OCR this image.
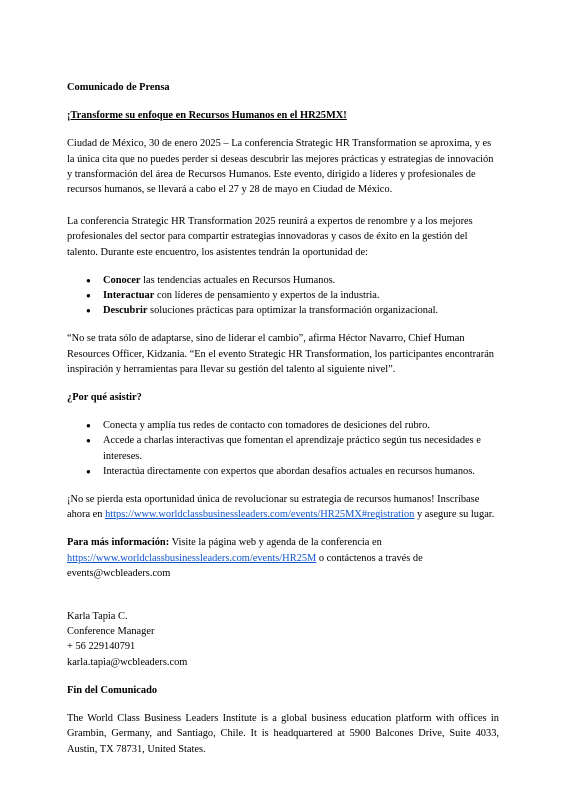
Comunicado de Prensa

¡Transforme su enfoque en Recursos Humanos en el HR25MX!

Ciudad de México, 30 de enero 2025 – La conferencia Strategic HR Transformation se aproxima, y es la única cita que no puedes perder si deseas descubrir las mejores prácticas y estrategias de innovación y transformación del área de Recursos Humanos. Este evento, dirigido a líderes y profesionales de recursos humanos, se llevará a cabo el 27 y 28 de mayo en Ciudad de México.

La conferencia Strategic HR Transformation 2025 reunirá a expertos de renombre y a los mejores profesionales del sector para compartir estrategias innovadoras y casos de éxito en la gestión del talento. Durante este encuentro, los asistentes tendrán la oportunidad de:

● Conocer las tendencias actuales en Recursos Humanos.
● Interactuar con líderes de pensamiento y expertos de la industria.
● Descubrir soluciones prácticas para optimizar la transformación organizacional.

“No se trata sólo de adaptarse, sino de liderar el cambio”, afirma Héctor Navarro, Chief Human Resources Officer, Kidzania. “En el evento Strategic HR Transformation, los participantes encontrarán inspiración y herramientas para llevar su gestión del talento al siguiente nivel”.

¿Por qué asistir?

● Conecta y amplía tus redes de contacto con tomadores de desiciones del rubro.
● Accede a charlas interactivas que fomentan el aprendizaje práctico según tus necesidades e intereses.
● Interactúa directamente con expertos que abordan desafíos actuales en recursos humanos.

¡No se pierda esta oportunidad única de revolucionar su estrategia de recursos humanos! Inscríbase ahora en https://www.worldclassbusinessleaders.com/events/HR25MX#registration y asegure su lugar.

Para más información: Visite la página web y agenda de la conferencia en
https://www.worldclassbusinessleaders.com/events/HR25M o contáctenos a través de events@wcbleaders.com

Karla Tapia C.

Conference Manager

+ 56 229140791

karla.tapia@wcbleaders.com

Fin del Comunicado

The World Class Business Leaders Institute is a global business education platform with offices in Grambin, Germany, and Santiago, Chile. It is headquartered at 5900 Balcones Drive, Suite 4033, Austin, TX 78731, United States.
